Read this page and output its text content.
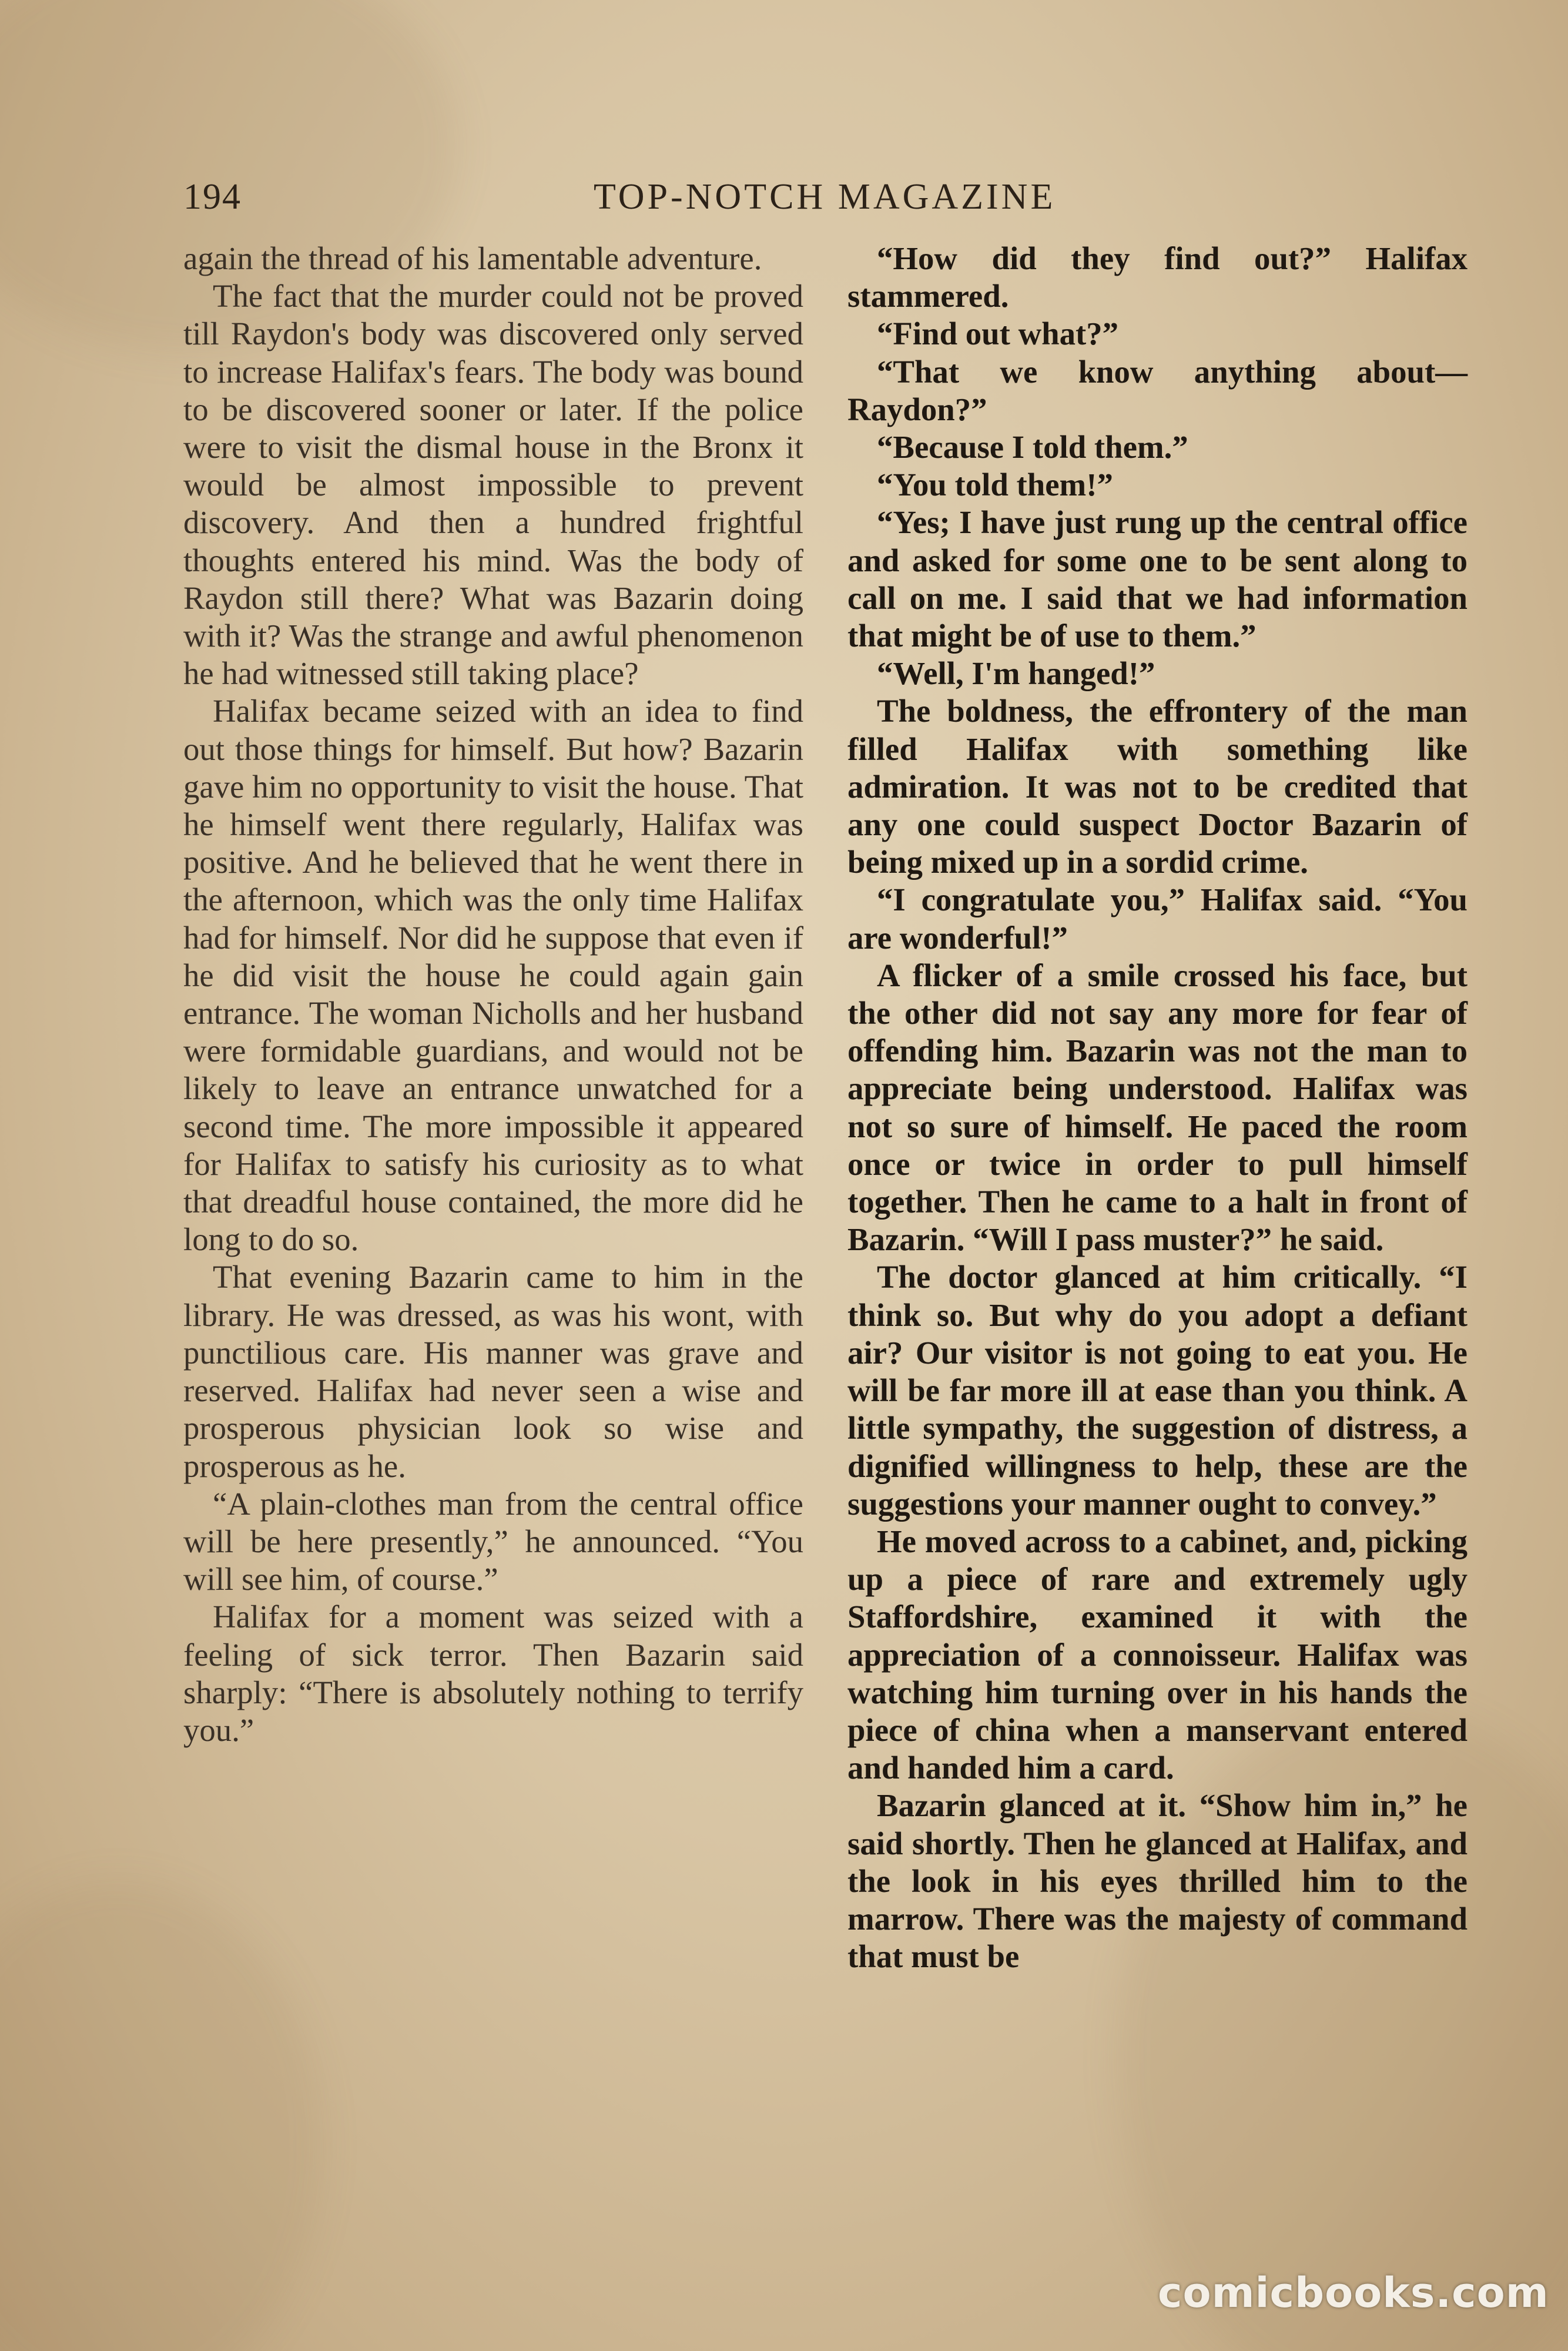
194	TOP-NOTCH MAGAZINE

again the thread of his lamentable adventure.

The fact that the murder could not be proved till Raydon's body was discovered only served to increase Halifax's fears. The body was bound to be discovered sooner or later. If the police were to visit the dismal house in the Bronx it would be almost impossible to prevent discovery. And then a hundred frightful thoughts entered his mind. Was the body of Raydon still there? What was Bazarin doing with it? Was the strange and awful phenomenon he had witnessed still taking place?

Halifax became seized with an idea to find out those things for himself. But how? Bazarin gave him no opportunity to visit the house. That he himself went there regularly, Halifax was positive. And he believed that he went there in the afternoon, which was the only time Halifax had for himself. Nor did he suppose that even if he did visit the house he could again gain entrance. The woman Nicholls and her husband were formidable guardians, and would not be likely to leave an entrance unwatched for a second time. The more impossible it appeared for Halifax to satisfy his curiosity as to what that dreadful house contained, the more did he long to do so.

That evening Bazarin came to him in the library. He was dressed, as was his wont, with punctilious care. His manner was grave and reserved. Halifax had never seen a wise and prosperous physician look so wise and prosperous as he.

“A plain-clothes man from the central office will be here presently,” he announced. “You will see him, of course.”

Halifax for a moment was seized with a feeling of sick terror. Then Bazarin said sharply: “There is absolutely nothing to terrify you.”

“How did they find out?” Halifax stammered.

“Find out what?”

“That we know anything about—Raydon?”

“Because I told them.”

“You told them!”

“Yes; I have just rung up the central office and asked for some one to be sent along to call on me. I said that we had information that might be of use to them.”

“Well, I'm hanged!”

The boldness, the effrontery of the man filled Halifax with something like admiration. It was not to be credited that any one could suspect Doctor Bazarin of being mixed up in a sordid crime.

“I congratulate you,” Halifax said. “You are wonderful!”

A flicker of a smile crossed his face, but the other did not say any more for fear of offending him. Bazarin was not the man to appreciate being understood. Halifax was not so sure of himself. He paced the room once or twice in order to pull himself together. Then he came to a halt in front of Bazarin. “Will I pass muster?” he said.

The doctor glanced at him critically. “I think so. But why do you adopt a defiant air? Our visitor is not going to eat you. He will be far more ill at ease than you think. A little sympathy, the suggestion of distress, a dignified willingness to help, these are the suggestions your manner ought to convey.”

He moved across to a cabinet, and, picking up a piece of rare and extremely ugly Staffordshire, examined it with the appreciation of a connoisseur. Halifax was watching him turning over in his hands the piece of china when a manservant entered and handed him a card.

Bazarin glanced at it. “Show him in,” he said shortly. Then he glanced at Halifax, and the look in his eyes thrilled him to the marrow. There was the majesty of command that must be

comicbooks.com
